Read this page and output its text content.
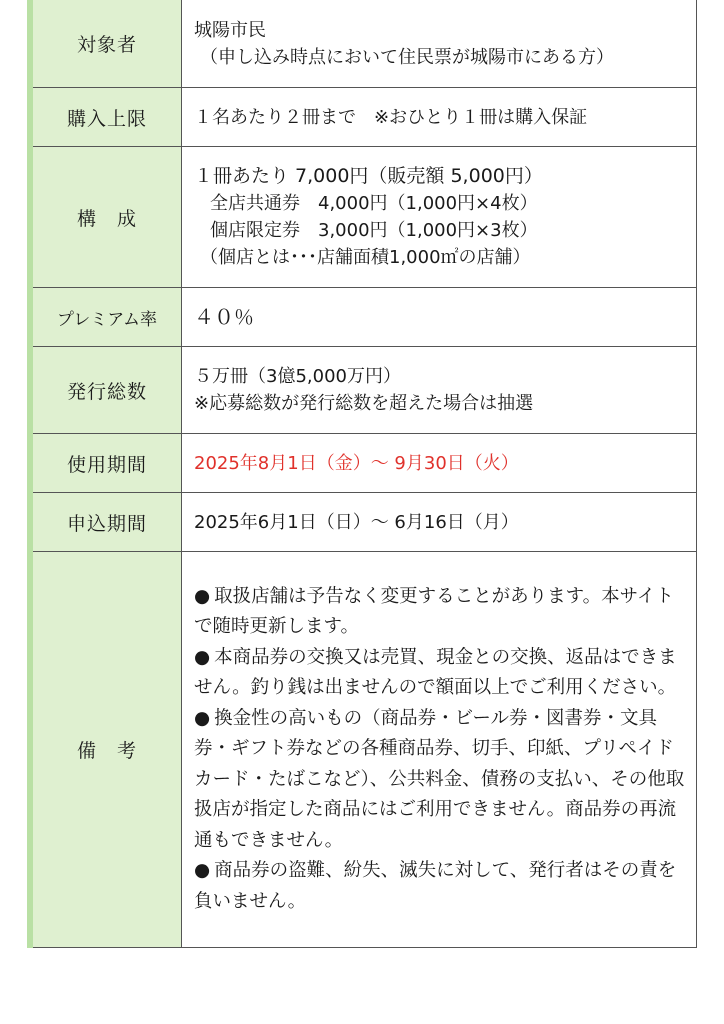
対象者	城陽市民
（申し込み時点において住民票が城陽市にある方）

購入上限	１名あたり２冊まで　※おひとり１冊は購入保証
構　成	１冊あたり 7,000円（販売額 5,000円）
全店共通券　4,000円（1,000円×4枚）
個店限定券　3,000円（1,000円×3枚）
（個店とは･･･店舗面積1,000㎡の店舗）

プレミアム率	４０％
発行総数	５万冊（3億5,000万円）
※応募総数が発行総数を超えた場合は抽選

使用期間	2025年8月1日（金）～ 9月30日（火）
申込期間	2025年6月1日（日）～ 6月16日（月）
備　考	● 取扱店舗は予告なく変更することがあります。本サイトで随時更新します。
● 本商品券の交換又は売買、現金との交換、返品はできません。釣り銭は出ませんので額面以上でご利用ください。
● 換金性の高いもの（商品券・ビール券・図書券・文具券・ギフト券などの各種商品券、切手、印紙、プリペイドカード・たばこなど）、公共料金、債務の支払い、その他取扱店が指定した商品にはご利用できません。商品券の再流通もできません。
● 商品券の盗難、紛失、滅失に対して、発行者はその責を負いません。
